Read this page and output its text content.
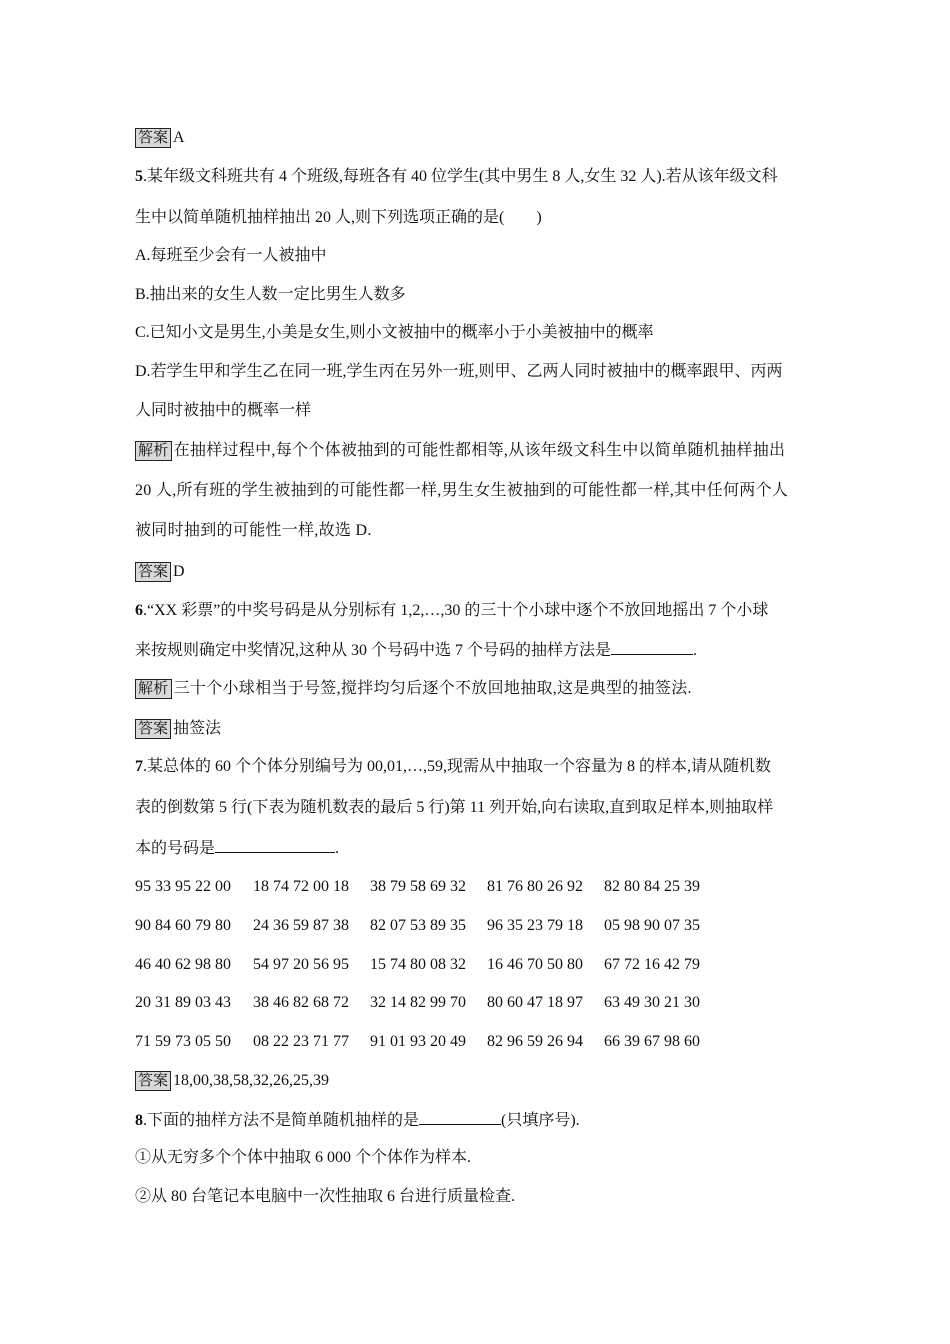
答案 A
5.某年级文科班共有 4 个班级,每班各有 40 位学生(其中男生 8 人,女生 32 人).若从该年级文科
生中以简单随机抽样抽出 20 人,则下列选项正确的是(　　)
A.每班至少会有一人被抽中
B.抽出来的女生人数一定比男生人数多
C.已知小文是男生,小美是女生,则小文被抽中的概率小于小美被抽中的概率
D.若学生甲和学生乙在同一班,学生丙在另外一班,则甲、乙两人同时被抽中的概率跟甲、丙两
人同时被抽中的概率一样
解析 在抽样过程中,每个个体被抽到的可能性都相等,从该年级文科生中以简单随机抽样抽出
20 人,所有班的学生被抽到的可能性都一样,男生女生被抽到的可能性都一样,其中任何两个人
被同时抽到的可能性一样,故选 D.
答案 D
6.“XX 彩票”的中奖号码是从分别标有 1,2,…,30 的三十个小球中逐个不放回地摇出 7 个小球
来按规则确定中奖情况,这种从 30 个号码中选 7 个号码的抽样方法是	.
解析 三十个小球相当于号签,搅拌均匀后逐个不放回地抽取,这是典型的抽签法.
答案 抽签法
7.某总体的 60 个个体分别编号为 00,01,…,59,现需从中抽取一个容量为 8 的样本,请从随机数
表的倒数第 5 行(下表为随机数表的最后 5 行)第 11 列开始,向右读取,直到取足样本,则抽取样
本的号码是	.
95 33 95 22 00 18 74 72 00 18 38 79 58 69 32 81 76 80 26 92 82 80 84 25 39
90 84 60 79 80 24 36 59 87 38 82 07 53 89 35 96 35 23 79 18 05 98 90 07 35
46 40 62 98 80 54 97 20 56 95 15 74 80 08 32 16 46 70 50 80 67 72 16 42 79
20 31 89 03 43 38 46 82 68 72 32 14 82 99 70 80 60 47 18 97 63 49 30 21 30
71 59 73 05 50 08 22 23 71 77 91 01 93 20 49 82 96 59 26 94 66 39 67 98 60
答案 18,00,38,58,32,26,25,39
8.下面的抽样方法不是简单随机抽样的是	(只填序号).
①从无穷多个个体中抽取 6 000 个个体作为样本.
②从 80 台笔记本电脑中一次性抽取 6 台进行质量检查.
